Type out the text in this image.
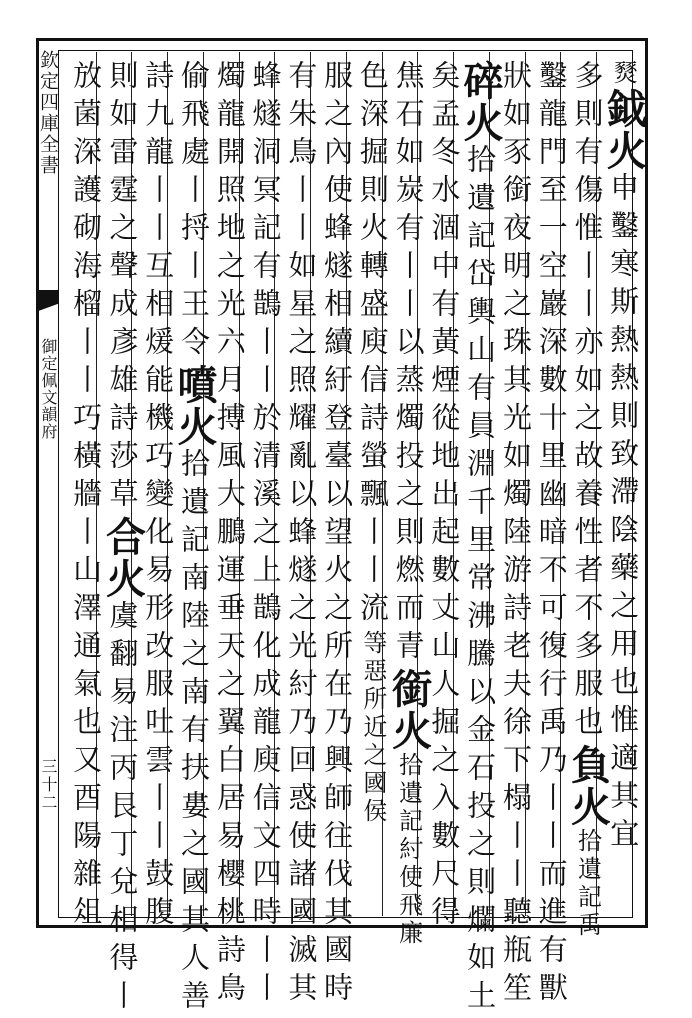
欽定四庫全書
御定佩文韻府
三十二
燹鉞火申鑿寒斯熱熱則致滯陰藥之用也惟適其宜
多則有傷惟丨丨亦如之故養性者不多服也負火拾遺記禹
鑿龍門至一空巖深數十里幽暗不可復行禹乃丨丨而進有獸
狀如豕銜夜明之珠其光如燭陸游詩老夫徐下榻丨丨聽瓶笙
碎火拾遺記岱輿山有員淵千里常沸騰以金石投之則爛如土
矣孟冬水涸中有黃煙從地出起數丈山人掘之入數尺得
焦石如炭有丨丨以蒸燭投之則燃而青銜火拾遺記紂使飛廉
色深掘則火轉盛庾信詩螢飄丨丨流等惡所近之國侯
服之內使蜂燧相續紆登臺以望火之所在乃興師往伐其國時
有朱鳥丨丨如星之照耀亂以蜂燧之光紂乃回惑使諸國滅其
蜂燧洞冥記有鵲丨丨於清溪之上鵲化成龍庾信文四時丨丨
燭龍開照地之光六月搏風大鵬運垂天之翼白居易櫻桃詩鳥
偷飛處丨捋丨王令噴火拾遺記南陸之南有扶婁之國其人善
詩九龍丨丨互相煖能機巧變化易形改服吐雲丨丨鼓腹
則如雷霆之聲成彥雄詩莎草合火虞翻易注丙艮丁兌相得丨
放菌深護砌海榴丨丨巧橫牆丨山澤通氣也又酉陽雜俎
